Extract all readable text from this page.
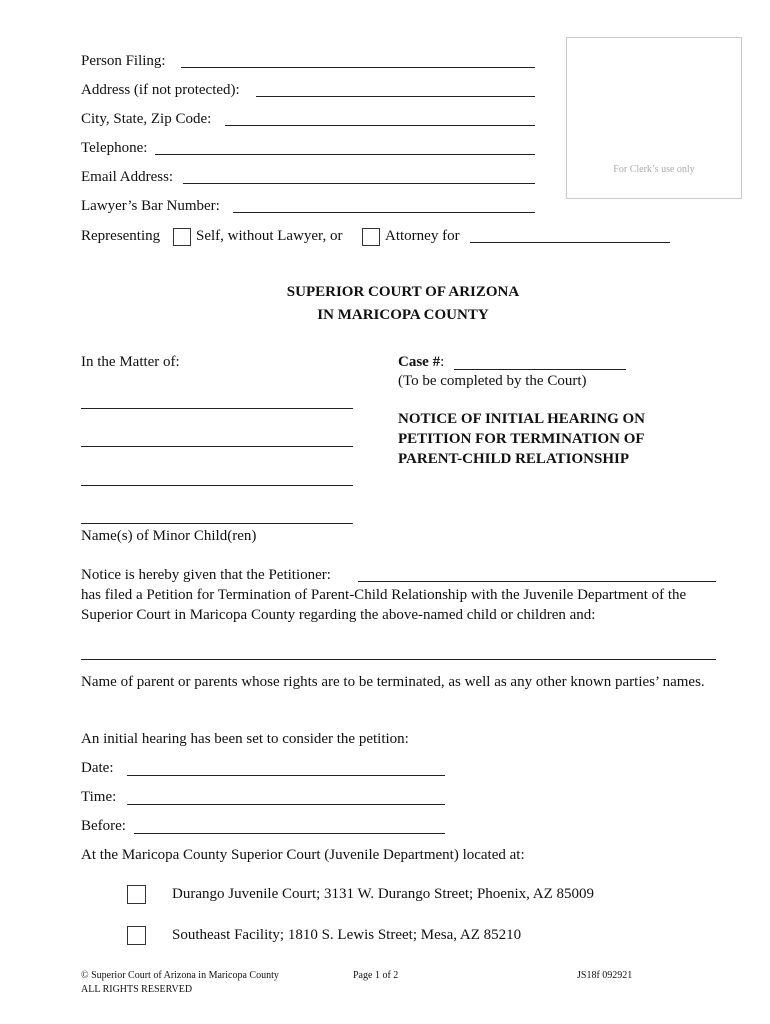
Person Filing:
Address (if not protected):
City, State, Zip Code:
Telephone:
Email Address:
Lawyer’s Bar Number:
Representing Self, without Lawyer, or	Attorney for
For Clerk’s use only
SUPERIOR COURT OF ARIZONA
IN MARICOPA COUNTY
In the Matter of:	Case #:
(To be completed by the Court)
NOTICE OF INITIAL HEARING ON
PETITION FOR TERMINATION OF
PARENT-CHILD RELATIONSHIP
Name(s) of Minor Child(ren)
Notice is hereby given that the Petitioner:
has filed a Petition for Termination of Parent-Child Relationship with the Juvenile Department of the Superior Court in Maricopa County regarding the above-named child or children and:
Name of parent or parents whose rights are to be terminated, as well as any other known parties’ names.
An initial hearing has been set to consider the petition:
Date:
Time:
Before:
At the Maricopa County Superior Court (Juvenile Department) located at:
Durango Juvenile Court; 3131 W. Durango Street; Phoenix, AZ 85009
Southeast Facility; 1810 S. Lewis Street; Mesa, AZ 85210
© Superior Court of Arizona in Maricopa County
ALL RIGHTS RESERVED
Page 1 of 2	JS18f 092921
